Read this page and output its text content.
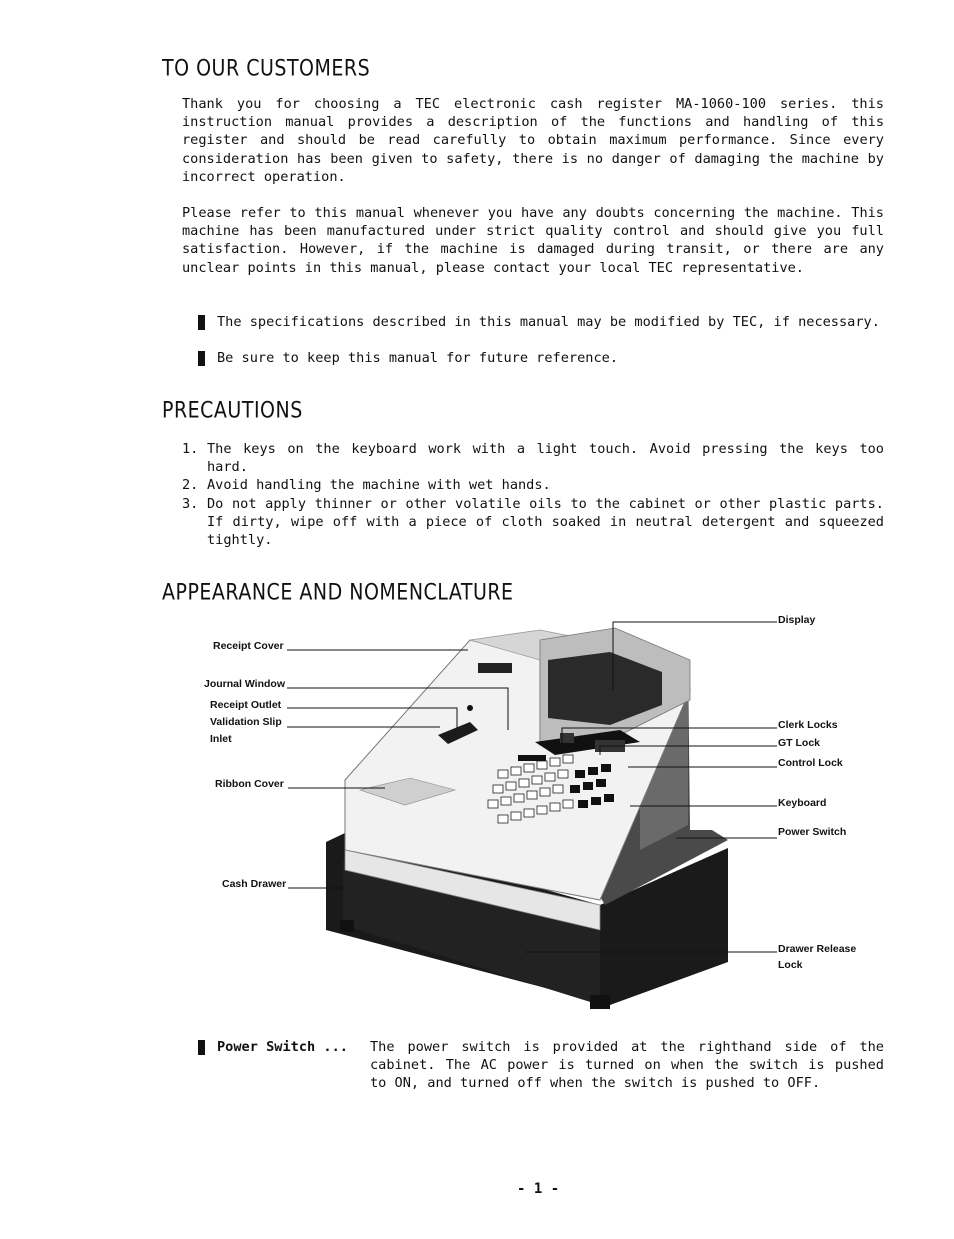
TO OUR CUSTOMERS

Thank you for choosing a TEC electronic cash register MA-1060-100 series. this instruction manual provides a description of the functions and handling of this register and should be read carefully to obtain maximum performance. Since every consideration has been given to safety, there is no danger of damaging the machine by incorrect operation.

Please refer to this manual whenever you have any doubts concerning the machine. This machine has been manufactured under strict quality control and should give you full satisfaction. However, if the machine is damaged during transit, or there are any unclear points in this manual, please contact your local TEC representative.

The specifications described in this manual may be modified by TEC, if necessary.
Be sure to keep this manual for future reference.
PRECAUTIONS
1. The keys on the keyboard work with a light touch. Avoid pressing the keys too hard.
2. Avoid handling the machine with wet hands.
3. Do not apply thinner or other volatile oils to the cabinet or other plastic parts. If dirty, wipe off with a piece of cloth soaked in neutral detergent and squeezed tightly.
APPEARANCE AND NOMENCLATURE
Receipt Cover
Journal Window
Receipt Outlet
Validation Slip
Inlet
Ribbon Cover
Cash Drawer
Display
Clerk Locks
GT Lock
Control Lock
Keyboard
Power Switch
Drawer Release
Lock
Power Switch ... The power switch is provided at the righthand side of the cabinet. The AC power is turned on when the switch is pushed to ON, and turned off when the switch is pushed to OFF.
- 1 -
